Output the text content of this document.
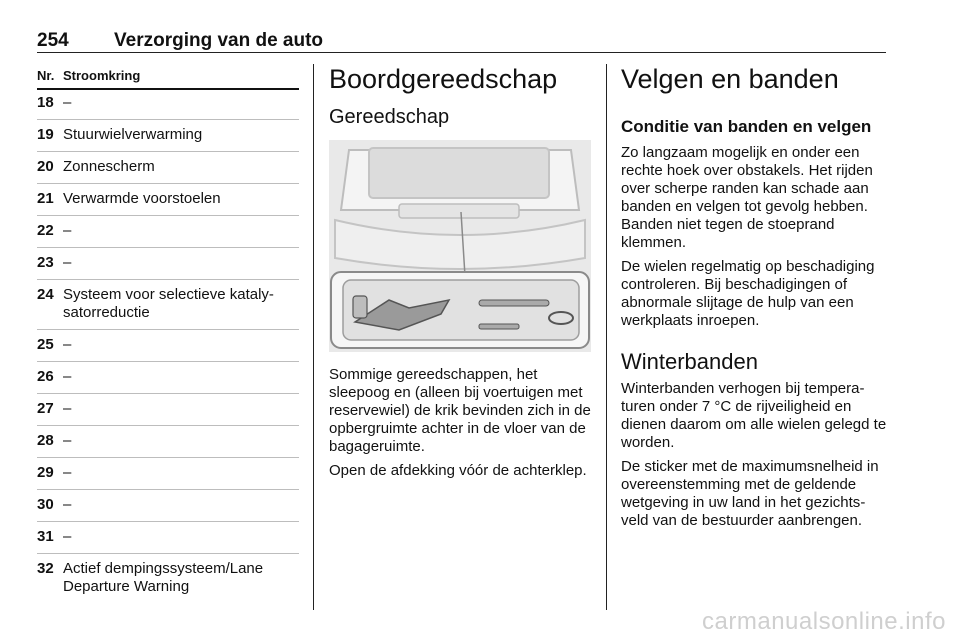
254 Verzorging van de auto
Nr. Stroomkring
18 –
19 Stuurwielverwarming
20 Zonnescherm
21 Verwarmde voorstoelen
22 –
23 –
24 Systeem voor selectieve katalysatorreductie
25 –
26 –
27 –
28 –
29 –
30 –
31 –
32 Actief dempingssysteem/Lane Departure Warning
Boordgereedschap
Gereedschap

Sommige gereedschappen, het sleepoog en (alleen bij voertuigen met reservewiel) de krik bevinden zich in de opbergruimte achter in de vloer van de bagageruimte.

Open de afdekking vóór de achterklep.

Velgen en banden
Conditie van banden en velgen

Zo langzaam mogelijk en onder een rechte hoek over obstakels. Het rijden over scherpe randen kan schade aan banden en velgen tot gevolg hebben. Banden niet tegen de stoeprand klemmen.

De wielen regelmatig op beschadiging controleren. Bij beschadigingen of abnormale slijtage de hulp van een werkplaats inroepen.

Winterbanden

Winterbanden verhogen bij temperaturen onder 7 °C de rijveiligheid en dienen daarom om alle wielen gelegd te worden.

De sticker met de maximumsnelheid in overeenstemming met de geldende wetgeving in uw land in het gezichtsveld van de bestuurder aanbrengen.

carmanualsonline.info
